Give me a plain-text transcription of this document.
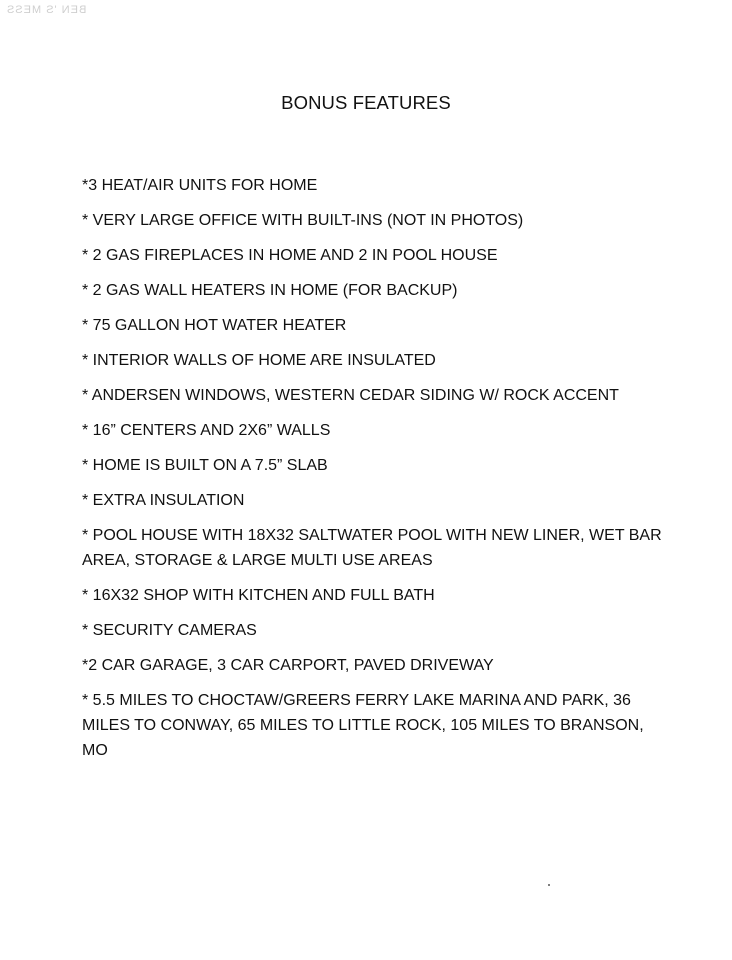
BEN 'S MESS
BONUS FEATURES
*3 HEAT/AIR UNITS FOR HOME
* VERY LARGE OFFICE WITH BUILT-INS (NOT IN PHOTOS)
* 2 GAS FIREPLACES IN HOME AND 2 IN POOL HOUSE
* 2 GAS WALL HEATERS IN HOME (FOR BACKUP)
* 75 GALLON HOT WATER HEATER
* INTERIOR WALLS OF HOME ARE INSULATED
* ANDERSEN WINDOWS, WESTERN CEDAR SIDING W/ ROCK ACCENT
* 16” CENTERS AND 2X6” WALLS
* HOME IS BUILT ON A 7.5” SLAB
* EXTRA INSULATION
* POOL HOUSE WITH 18X32 SALTWATER POOL WITH NEW LINER, WET BAR AREA, STORAGE & LARGE MULTI USE AREAS
* 16X32 SHOP WITH KITCHEN AND FULL BATH
* SECURITY CAMERAS
*2 CAR GARAGE, 3 CAR CARPORT, PAVED DRIVEWAY
* 5.5 MILES TO CHOCTAW/GREERS FERRY LAKE MARINA AND PARK, 36 MILES TO CONWAY, 65 MILES TO LITTLE ROCK, 105 MILES TO BRANSON, MO
